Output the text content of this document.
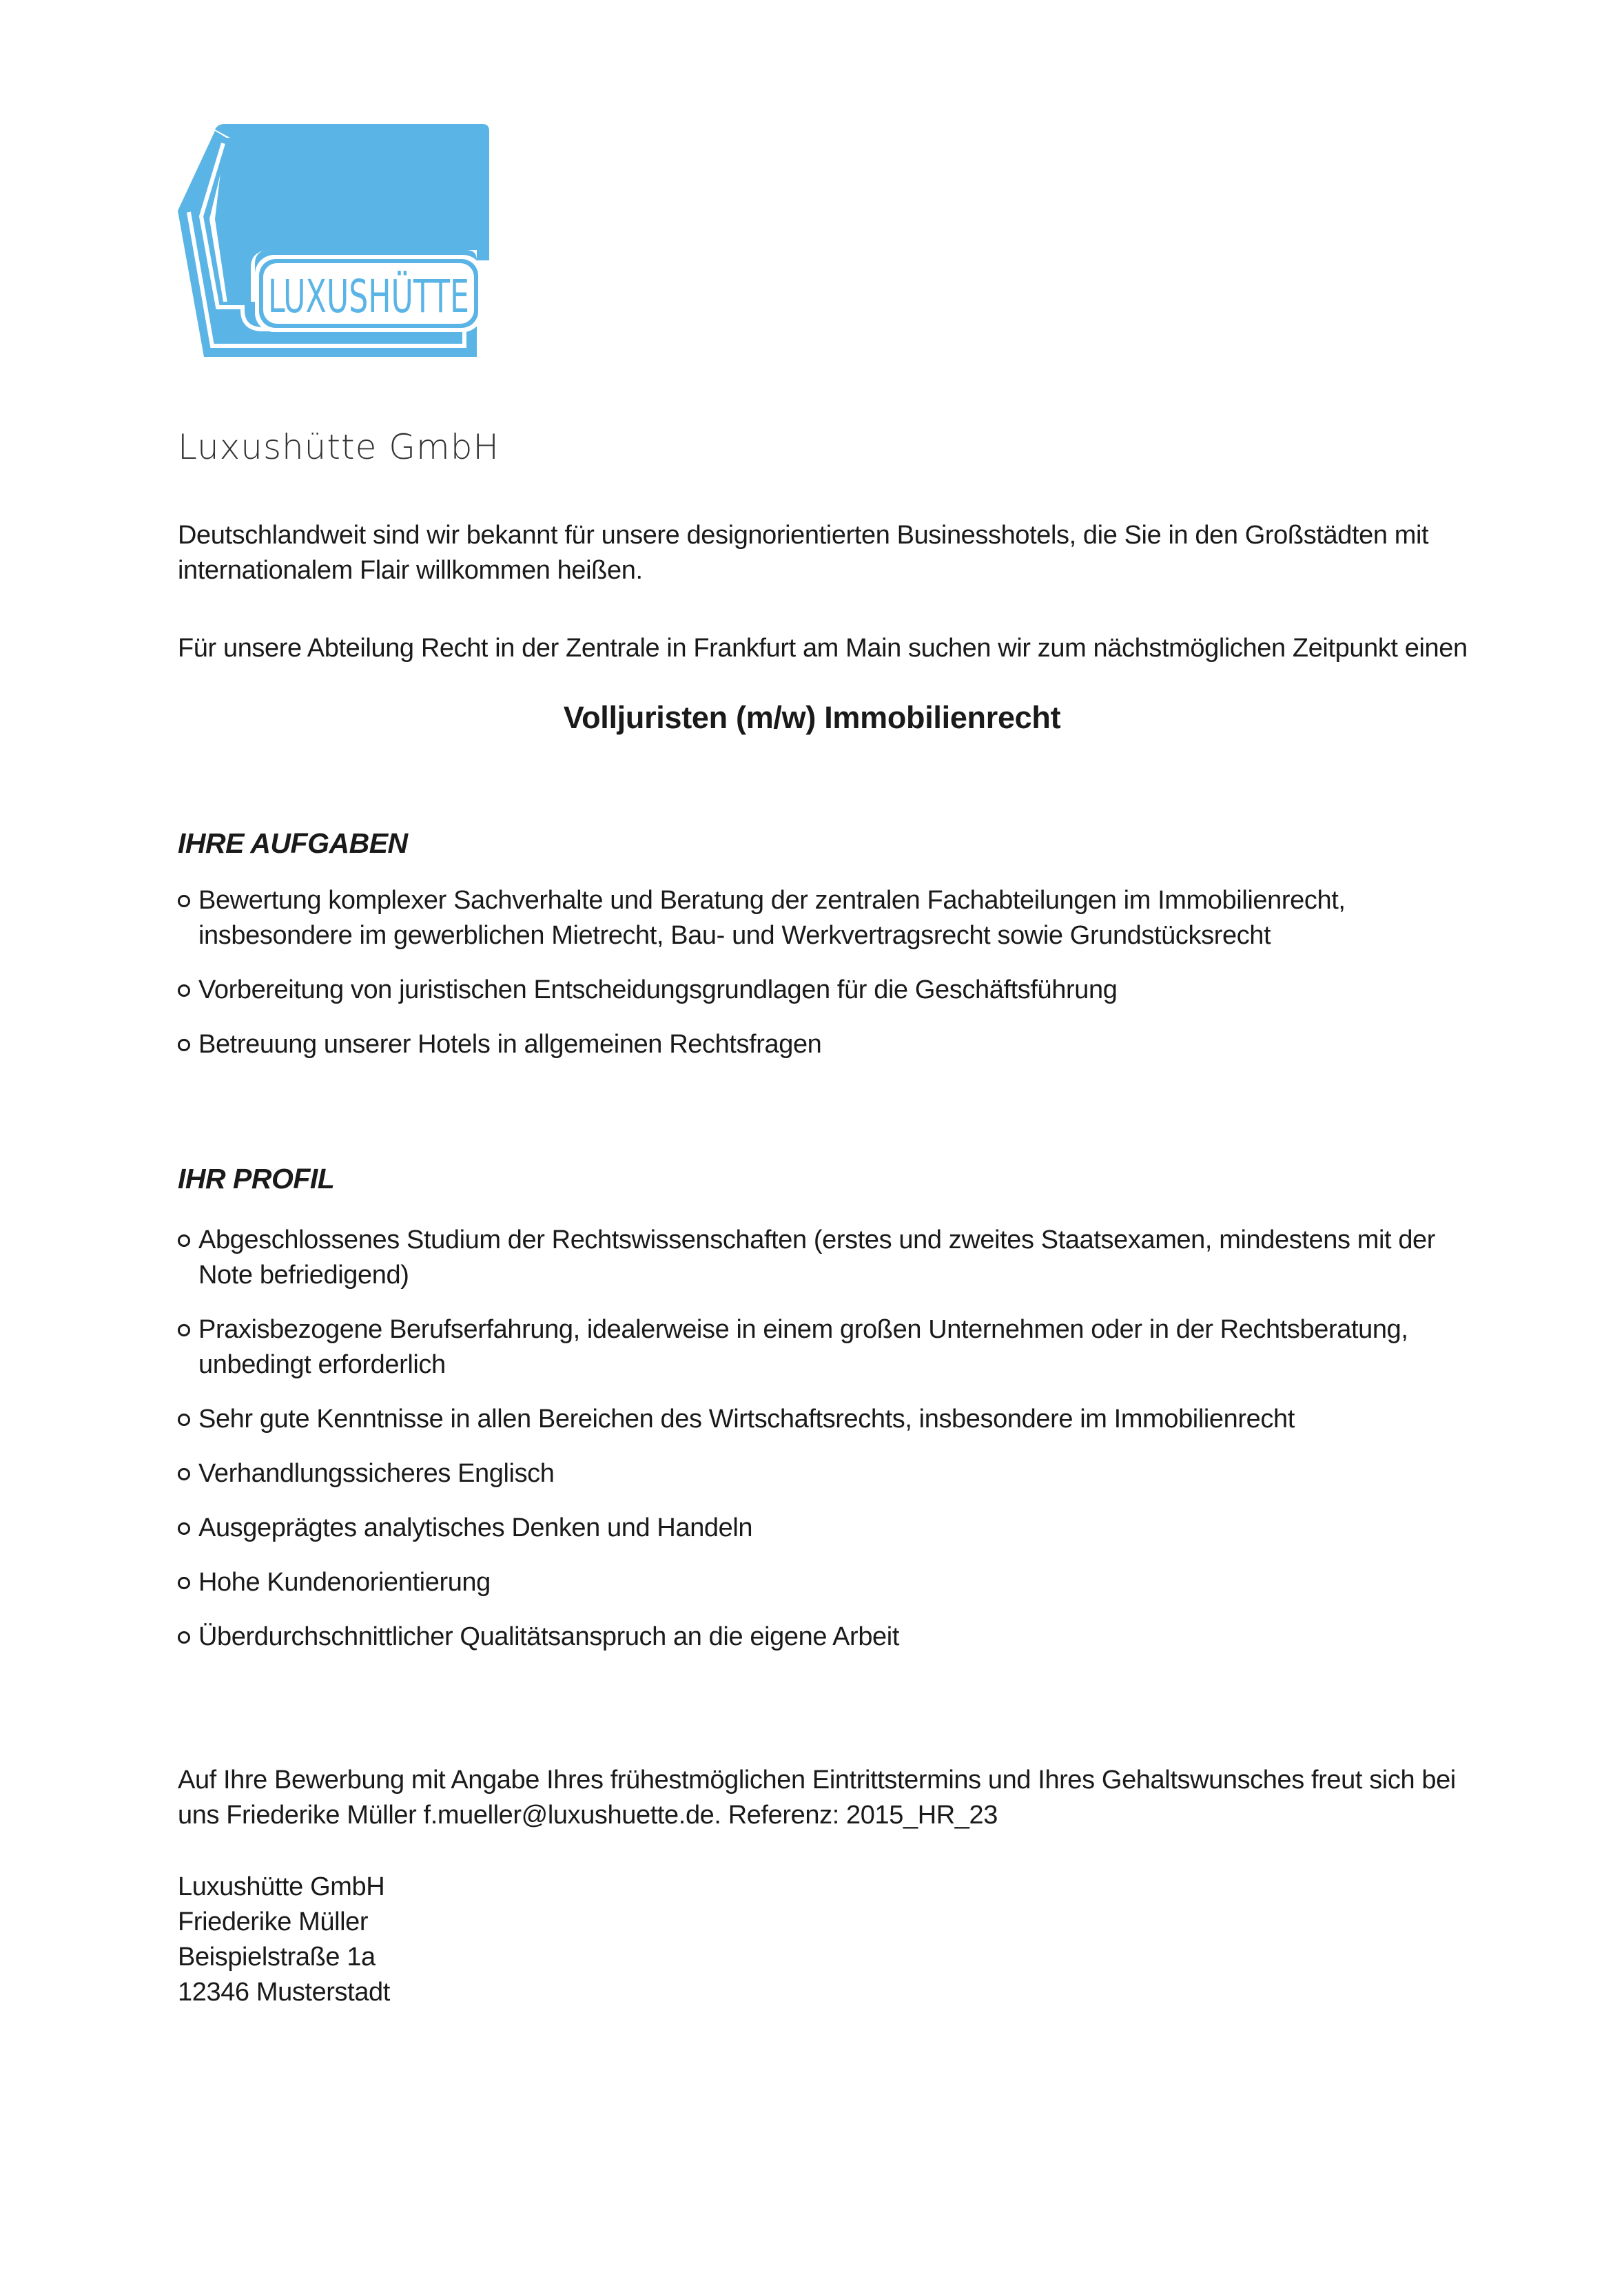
LUXUSHÜTTE
Luxushütte GmbH

Deutschlandweit sind wir bekannt für unsere designorientierten Businesshotels, die Sie in den Großstädten mit internationalem Flair willkommen heißen.

Für unsere Abteilung Recht in der Zentrale in Frankfurt am Main suchen wir zum nächstmöglichen Zeitpunkt einen

Volljuristen (m/w) Immobilienrecht
IHRE AUFGABEN
Bewertung komplexer Sachverhalte und Beratung der zentralen Fachabteilungen im Immobilienrecht, insbesondere im gewerblichen Mietrecht, Bau- und Werkvertragsrecht sowie Grundstücksrecht
Vorbereitung von juristischen Entscheidungsgrundlagen für die Geschäftsführung
Betreuung unserer Hotels in allgemeinen Rechtsfragen
IHR PROFIL
Abgeschlossenes Studium der Rechtswissenschaften (erstes und zweites Staatsexamen, mindestens mit der Note befriedigend)
Praxisbezogene Berufserfahrung, idealerweise in einem großen Unternehmen oder in der Rechtsberatung, unbedingt erforderlich
Sehr gute Kenntnisse in allen Bereichen des Wirtschaftsrechts, insbesondere im Immobilienrecht
Verhandlungssicheres Englisch
Ausgeprägtes analytisches Denken und Handeln
Hohe Kundenorientierung
Überdurchschnittlicher Qualitätsanspruch an die eigene Arbeit

Auf Ihre Bewerbung mit Angabe Ihres frühestmöglichen Eintrittstermins und Ihres Gehaltswunsches freut sich bei uns Friederike Müller f.mueller@luxushuette.de. Referenz: 2015_HR_23

Luxushütte GmbH
Friederike Müller
Beispielstraße 1a
12346 Musterstadt
